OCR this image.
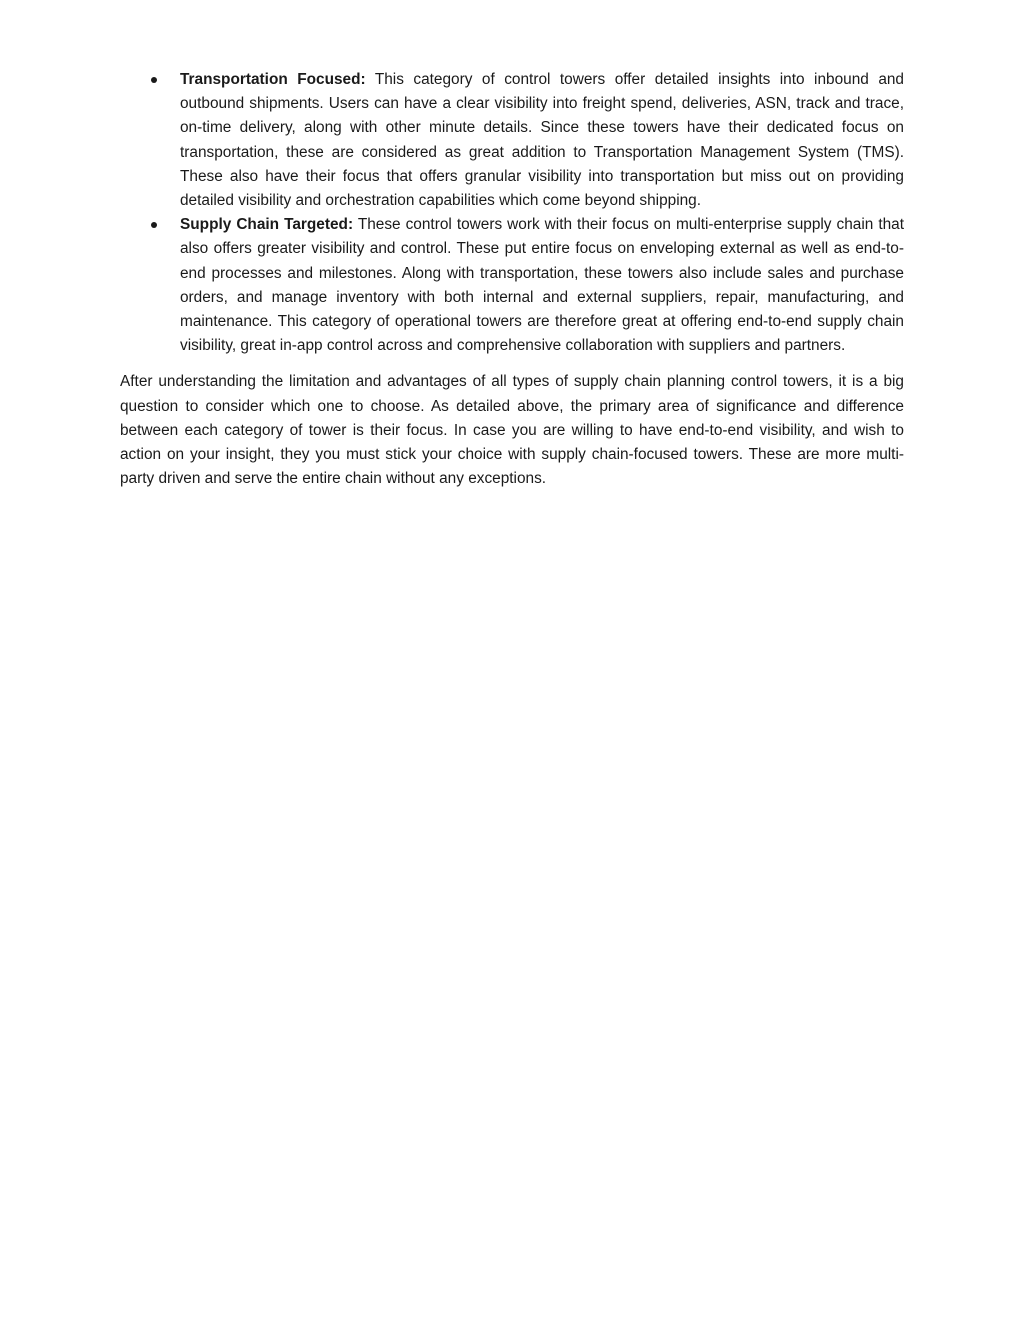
Transportation Focused: This category of control towers offer detailed insights into inbound and outbound shipments. Users can have a clear visibility into freight spend, deliveries, ASN, track and trace, on-time delivery, along with other minute details. Since these towers have their dedicated focus on transportation, these are considered as great addition to Transportation Management System (TMS). These also have their focus that offers granular visibility into transportation but miss out on providing detailed visibility and orchestration capabilities which come beyond shipping.
Supply Chain Targeted: These control towers work with their focus on multi-enterprise supply chain that also offers greater visibility and control. These put entire focus on enveloping external as well as end-to-end processes and milestones. Along with transportation, these towers also include sales and purchase orders, and manage inventory with both internal and external suppliers, repair, manufacturing, and maintenance. This category of operational towers are therefore great at offering end-to-end supply chain visibility, great in-app control across and comprehensive collaboration with suppliers and partners.

After understanding the limitation and advantages of all types of supply chain planning control towers, it is a big question to consider which one to choose. As detailed above, the primary area of significance and difference between each category of tower is their focus. In case you are willing to have end-to-end visibility, and wish to action on your insight, they you must stick your choice with supply chain-focused towers. These are more multi-party driven and serve the entire chain without any exceptions.
